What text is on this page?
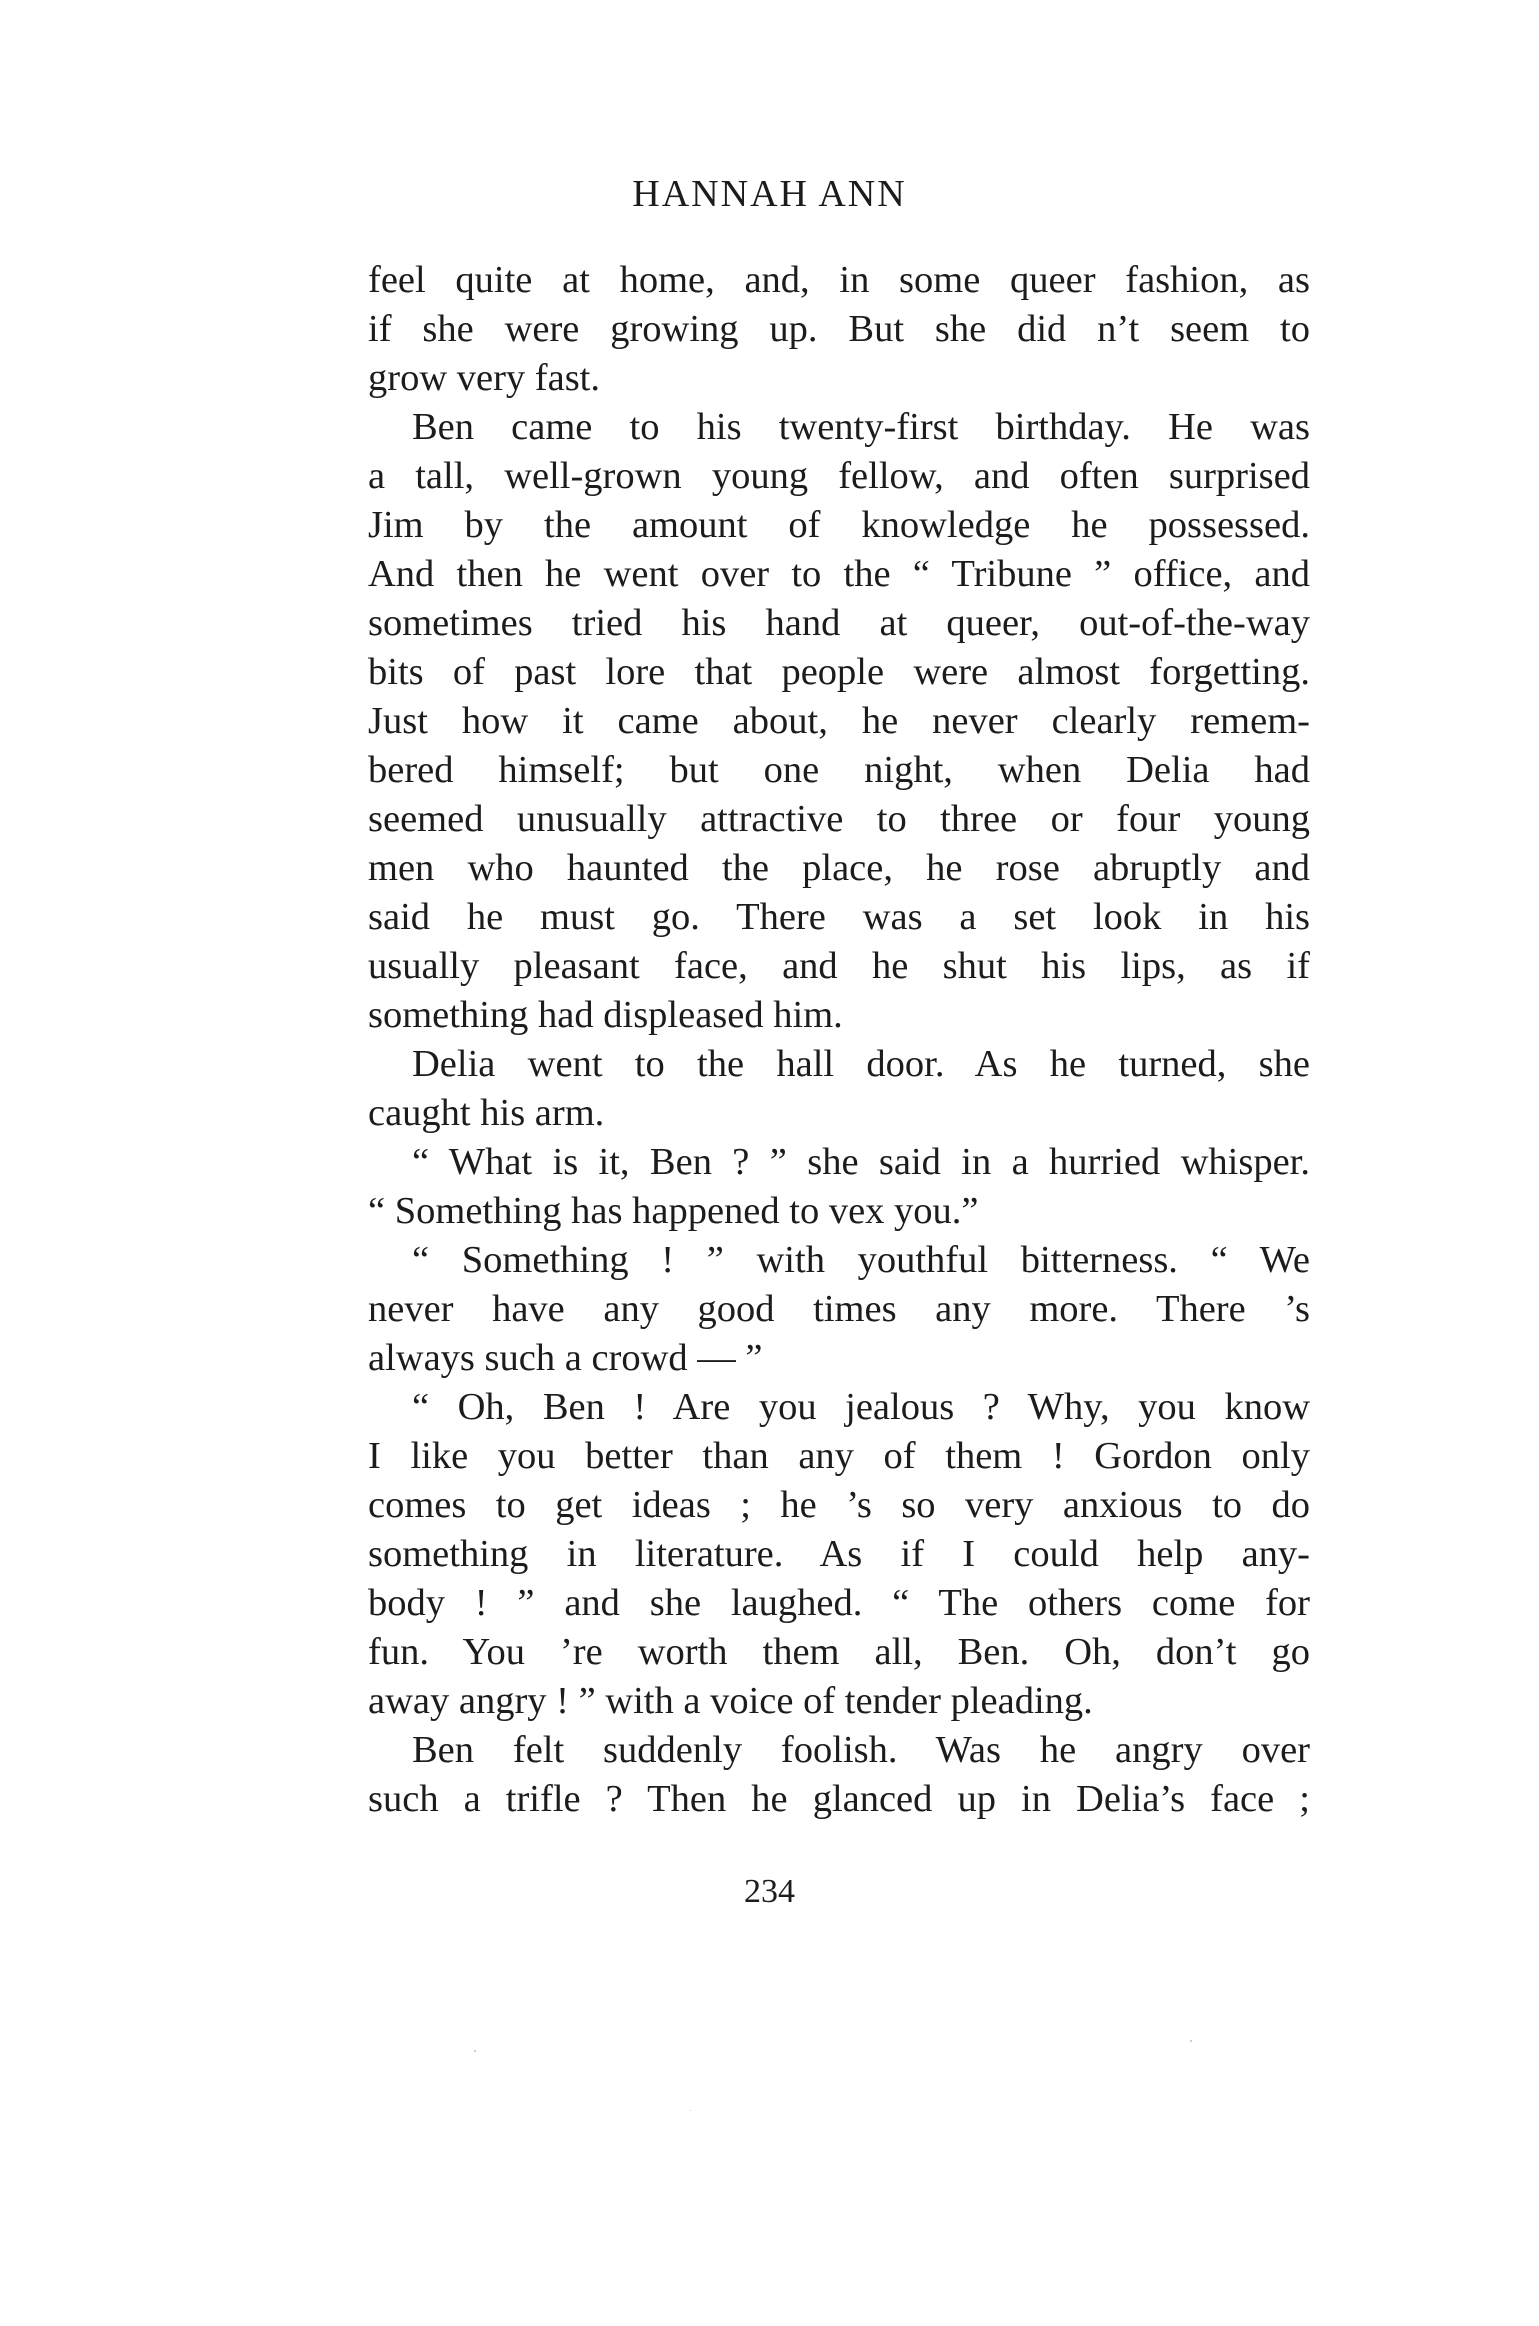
HANNAH ANN
feel quite at home, and, in some queer fashion, as
if she were growing up. But she did n’t seem to
grow very fast.
Ben came to his twenty-first birthday. He was
a tall, well-grown young fellow, and often surprised
Jim by the amount of knowledge he possessed.
And then he went over to the “ Tribune ” office, and
sometimes tried his hand at queer, out-of-the-way
bits of past lore that people were almost forgetting.
Just how it came about, he never clearly remem-
bered himself; but one night, when Delia had
seemed unusually attractive to three or four young
men who haunted the place, he rose abruptly and
said he must go. There was a set look in his
usually pleasant face, and he shut his lips, as if
something had displeased him.
Delia went to the hall door. As he turned, she
caught his arm.
“ What is it, Ben ? ” she said in a hurried whisper.
“ Something has happened to vex you.”
“ Something ! ” with youthful bitterness. “ We
never have any good times any more. There ’s
always such a crowd — ”
“ Oh, Ben ! Are you jealous ? Why, you know
I like you better than any of them ! Gordon only
comes to get ideas ; he ’s so very anxious to do
something in literature. As if I could help any-
body ! ” and she laughed. “ The others come for
fun. You ’re worth them all, Ben. Oh, don’t go
away angry ! ” with a voice of tender pleading.
Ben felt suddenly foolish. Was he angry over
such a trifle ? Then he glanced up in Delia’s face ;
234
